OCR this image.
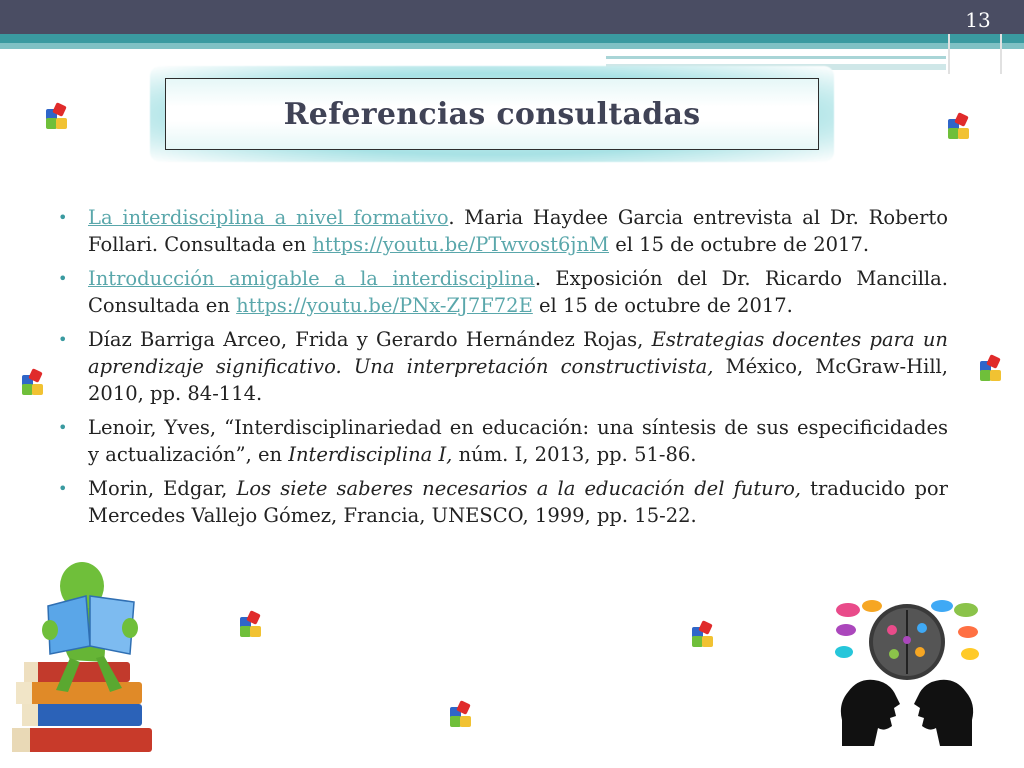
13
Referencias consultadas

• La interdisciplina a nivel formativo. Maria Haydee Garcia entrevista al Dr. Roberto Follari. Consultada en https://youtu.be/PTwvost6jnM el 15 de octubre de 2017.

• Introducción amigable a la interdisciplina. Exposición del Dr. Ricardo Mancilla. Consultada en https://youtu.be/PNx-ZJ7F72E el 15 de octubre de 2017.

• Díaz Barriga Arceo, Frida y Gerardo Hernández Rojas, Estrategias docentes para un aprendizaje significativo. Una interpretación constructivista, México, McGraw-Hill, 2010, pp. 84-114.

• Lenoir, Yves, “Interdisciplinariedad en educación: una síntesis de sus especificidades y actualización”, en Interdisciplina I, núm. I, 2013, pp. 51-86.

• Morin, Edgar, Los siete saberes necesarios a la educación del futuro, traducido por Mercedes Vallejo Gómez, Francia, UNESCO, 1999, pp. 15-22.
